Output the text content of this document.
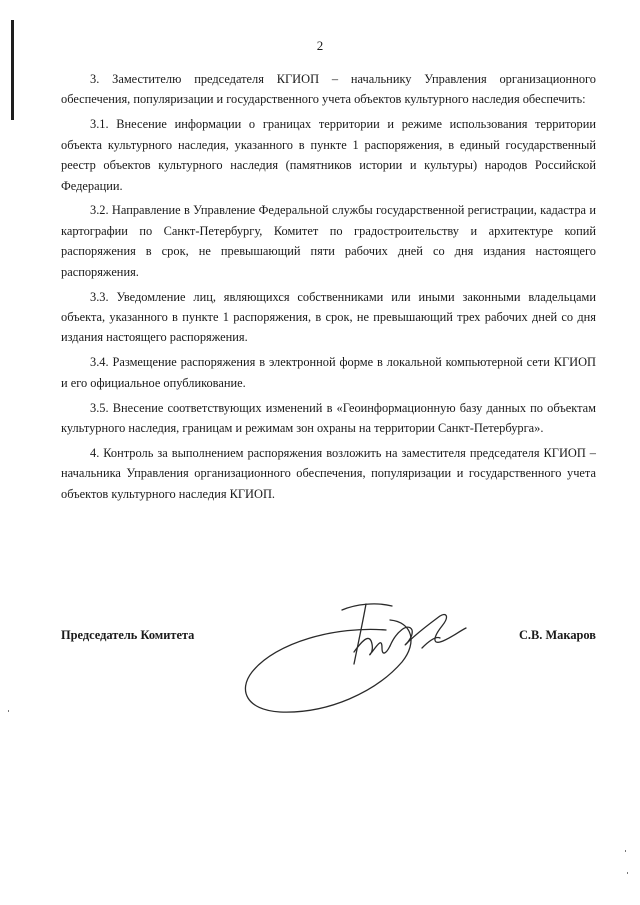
2

3. Заместителю председателя КГИОП – начальнику Управления организационного обеспечения, популяризации и государственного учета объектов культурного наследия обеспечить:

3.1. Внесение информации о границах территории и режиме использования территории объекта культурного наследия, указанного в пункте 1 распоряжения, в единый государственный реестр объектов культурного наследия (памятников истории и культуры) народов Российской Федерации.

3.2. Направление в Управление Федеральной службы государственной регистрации, кадастра и картографии по Санкт-Петербургу, Комитет по градостроительству и архитектуре копий распоряжения в срок, не превышающий пяти рабочих дней со дня издания настоящего распоряжения.

3.3. Уведомление лиц, являющихся собственниками или иными законными владельцами объекта, указанного в пункте 1 распоряжения, в срок, не превышающий трех рабочих дней со дня издания настоящего распоряжения.

3.4. Размещение распоряжения в электронной форме в локальной компьютерной сети КГИОП и его официальное опубликование.

3.5. Внесение соответствующих изменений в «Геоинформационную базу данных по объектам культурного наследия, границам и режимам зон охраны на территории Санкт-Петербурга».

4. Контроль за выполнением распоряжения возложить на заместителя председателя КГИОП – начальника Управления организационного обеспечения, популяризации и государственного учета объектов культурного наследия КГИОП.

Председатель Комитета	С.В. Макаров
